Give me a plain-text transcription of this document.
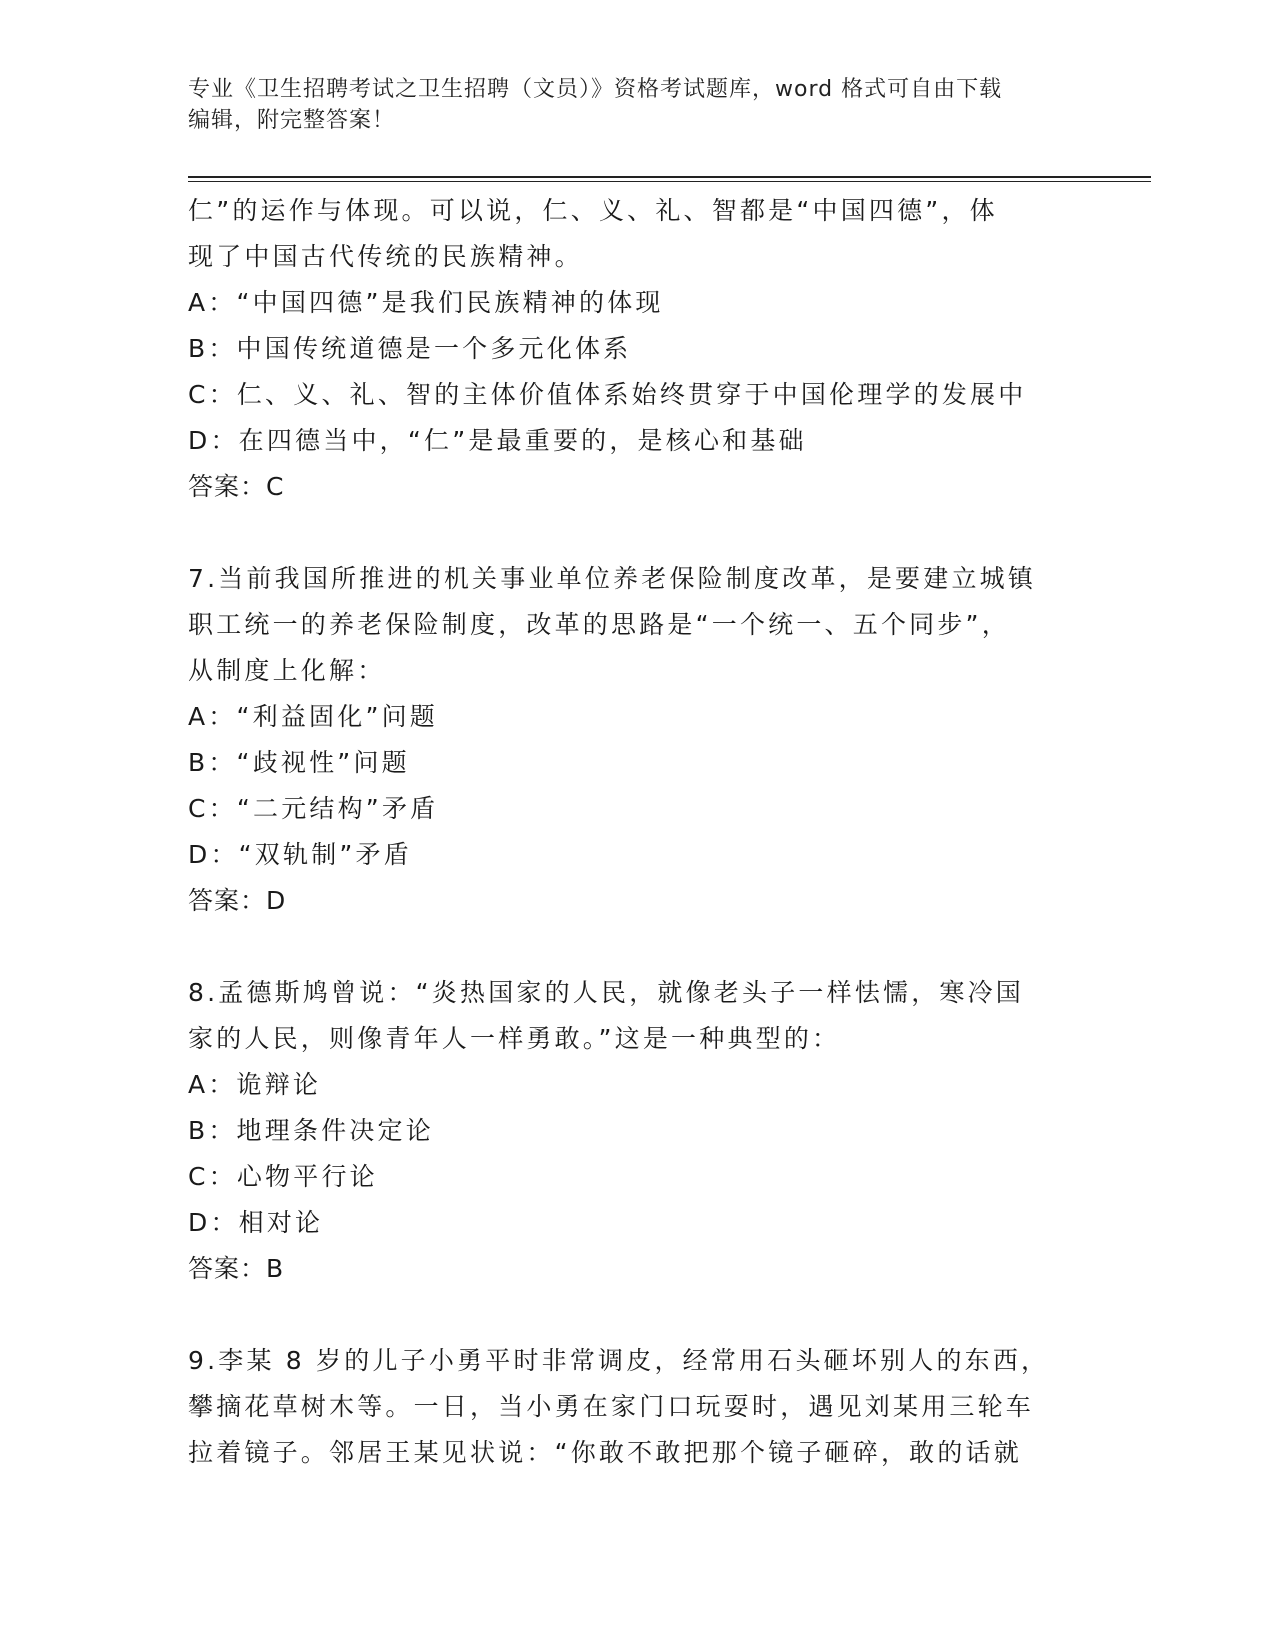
专业《卫生招聘考试之卫生招聘（文员）》资格考试题库，word 格式可自由下载
编辑，附完整答案！
仁”的运作与体现。可以说，仁、义、礼、智都是“中国四德”，体
现了中国古代传统的民族精神。
A：“中国四德”是我们民族精神的体现
B：中国传统道德是一个多元化体系
C：仁、义、礼、智的主体价值体系始终贯穿于中国伦理学的发展中
D：在四德当中，“仁”是最重要的，是核心和基础
答案：C
7.当前我国所推进的机关事业单位养老保险制度改革，是要建立城镇
职工统一的养老保险制度，改革的思路是“一个统一、五个同步”，
从制度上化解：
A：“利益固化”问题
B：“歧视性”问题
C：“二元结构”矛盾
D：“双轨制”矛盾
答案：D
8.孟德斯鸠曾说：“炎热国家的人民，就像老头子一样怯懦，寒冷国
家的人民，则像青年人一样勇敢。”这是一种典型的：
A：诡辩论
B：地理条件决定论
C：心物平行论
D：相对论
答案：B
9.李某 8 岁的儿子小勇平时非常调皮，经常用石头砸坏别人的东西，
攀摘花草树木等。一日，当小勇在家门口玩耍时，遇见刘某用三轮车
拉着镜子。邻居王某见状说：“你敢不敢把那个镜子砸碎，敢的话就
